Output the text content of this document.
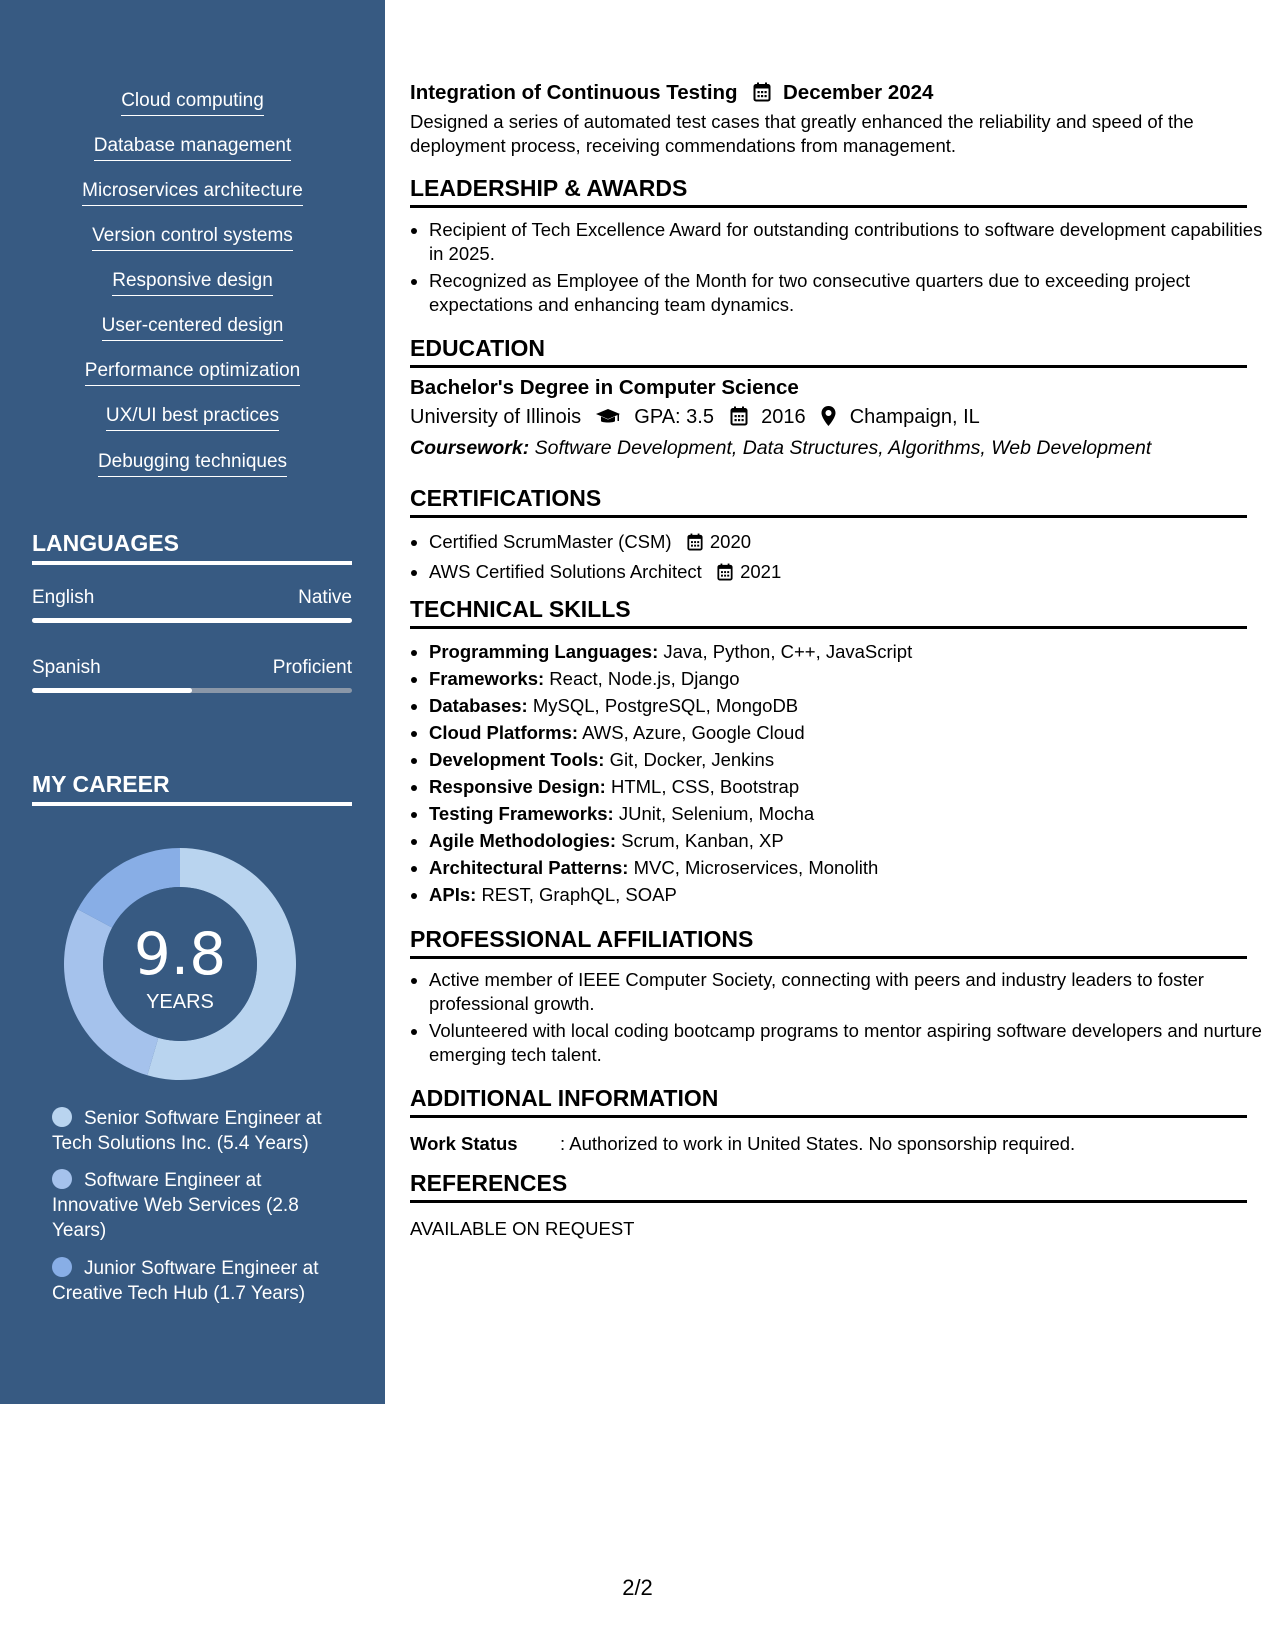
Cloud computing
Database management
Microservices architecture
Version control systems
Responsive design
User-centered design
Performance optimization
UX/UI best practices
Debugging techniques
LANGUAGES
English	Native
Spanish	Proficient
MY CAREER
9.8
YEARS
Senior Software Engineer at Tech Solutions Inc. (5.4 Years)
Software Engineer at Innovative Web Services (2.8 Years)
Junior Software Engineer at Creative Tech Hub (1.7 Years)
Integration of Continuous Testing December 2024
Designed a series of automated test cases that greatly enhanced the reliability and speed of the deployment process, receiving commendations from management.
LEADERSHIP & AWARDS
• Recipient of Tech Excellence Award for outstanding contributions to software development capabilities in 2025.
• Recognized as Employee of the Month for two consecutive quarters due to exceeding project expectations and enhancing team dynamics.
EDUCATION
Bachelor's Degree in Computer Science
University of Illinois	GPA: 3.5 2016 Champaign, IL
Coursework: Software Development, Data Structures, Algorithms, Web Development
CERTIFICATIONS
• Certified ScrumMaster (CSM) 2020
• AWS Certified Solutions Architect 2021
TECHNICAL SKILLS
• Programming Languages: Java, Python, C++, JavaScript
• Frameworks: React, Node.js, Django
• Databases: MySQL, PostgreSQL, MongoDB
• Cloud Platforms: AWS, Azure, Google Cloud
• Development Tools: Git, Docker, Jenkins
• Responsive Design: HTML, CSS, Bootstrap
• Testing Frameworks: JUnit, Selenium, Mocha
• Agile Methodologies: Scrum, Kanban, XP
• Architectural Patterns: MVC, Microservices, Monolith
• APIs: REST, GraphQL, SOAP
PROFESSIONAL AFFILIATIONS
• Active member of IEEE Computer Society, connecting with peers and industry leaders to foster professional growth.
• Volunteered with local coding bootcamp programs to mentor aspiring software developers and nurture emerging tech talent.
ADDITIONAL INFORMATION
Work Status : Authorized to work in United States. No sponsorship required.
REFERENCES
AVAILABLE ON REQUEST
2/2
